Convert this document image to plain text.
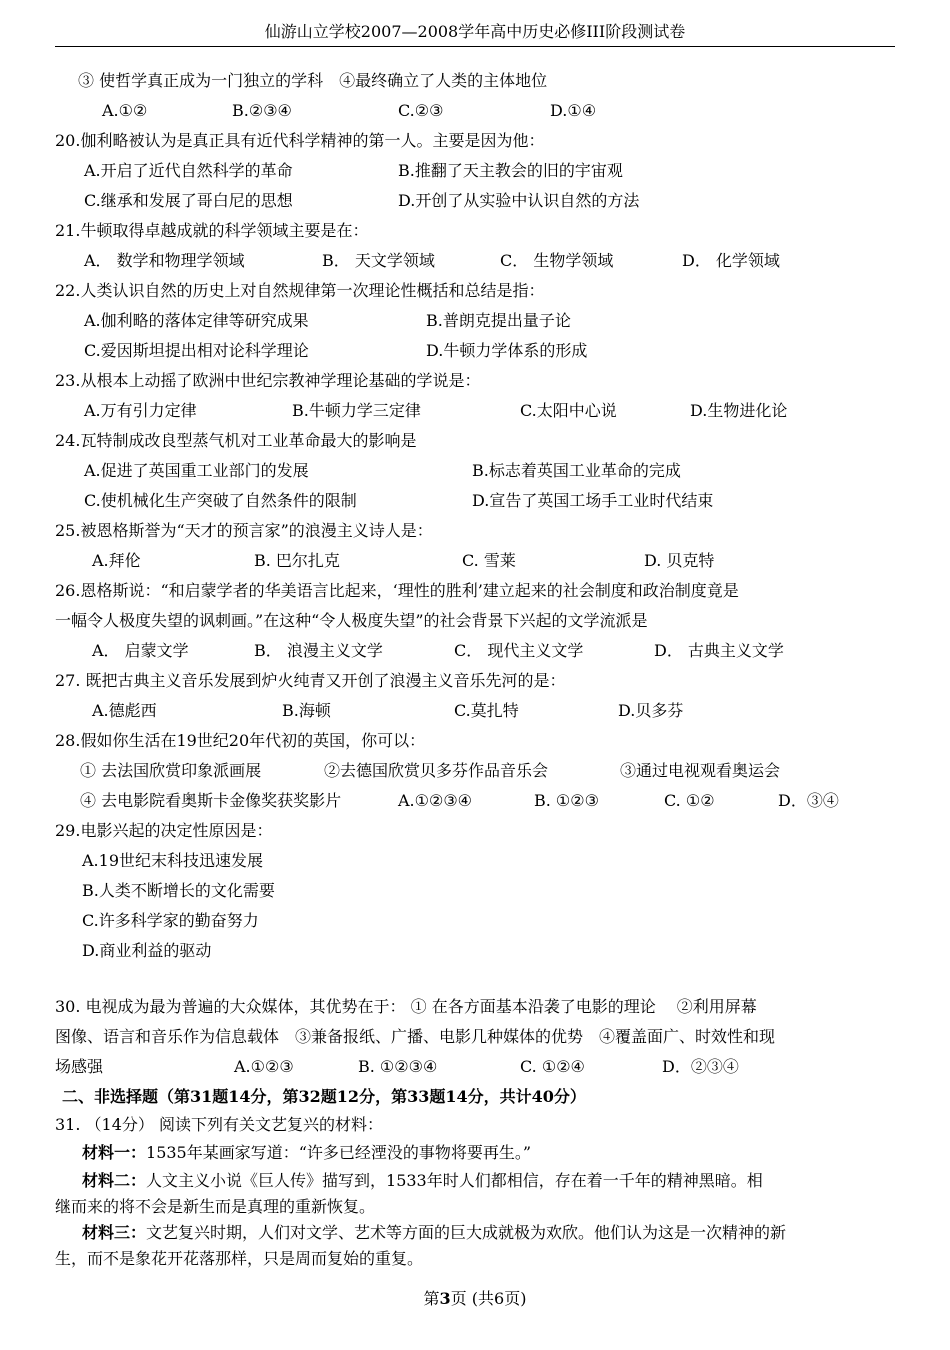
仙游山立学校2007—2008学年高中历史必修III阶段测试卷
③ 使哲学真正成为一门独立的学科　④最终确立了人类的主体地位
A.①②	B.②③④	C.②③	D.①④
20.伽利略被认为是真正具有近代科学精神的第一人。主要是因为他：
A.开启了近代自然科学的革命	B.推翻了天主教会的旧的宇宙观
C.继承和发展了哥白尼的思想	D.开创了从实验中认识自然的方法
21.牛顿取得卓越成就的科学领域主要是在：
A． 数学和物理学领域	B． 天文学领域	C． 生物学领域	D． 化学领域
22.人类认识自然的历史上对自然规律第一次理论性概括和总结是指：
A.伽利略的落体定律等研究成果	B.普朗克提出量子论
C.爱因斯坦提出相对论科学理论	D.牛顿力学体系的形成
23.从根本上动摇了欧洲中世纪宗教神学理论基础的学说是：
A.万有引力定律	B.牛顿力学三定律	C.太阳中心说	D.生物进化论
24.瓦特制成改良型蒸气机对工业革命最大的影响是
A.促进了英国重工业部门的发展	B.标志着英国工业革命的完成
C.使机械化生产突破了自然条件的限制	D.宣告了英国工场手工业时代结束
25.被恩格斯誉为“天才的预言家”的浪漫主义诗人是：
A.拜伦	B. 巴尔扎克	C. 雪莱	D. 贝克特
26.恩格斯说：“和启蒙学者的华美语言比起来，‘理性的胜利’建立起来的社会制度和政治制度竟是
一幅令人极度失望的讽刺画。”在这种“令人极度失望”的社会背景下兴起的文学流派是
A． 启蒙文学	B． 浪漫主义文学	C． 现代主义文学	D． 古典主义文学
27. 既把古典主义音乐发展到炉火纯青又开创了浪漫主义音乐先河的是：
A.德彪西	B.海顿	C.莫扎特	D.贝多芬
28.假如你生活在19世纪20年代初的英国，你可以：
① 去法国欣赏印象派画展	②去德国欣赏贝多芬作品音乐会	③通过电视观看奥运会
④ 去电影院看奥斯卡金像奖获奖影片	A.①②③④	B. ①②③	C. ①②	D．③④
29.电影兴起的决定性原因是：
A.19世纪末科技迅速发展
B.人类不断增长的文化需要
C.许多科学家的勤奋努力
D.商业利益的驱动
30. 电视成为最为普遍的大众媒体，其优势在于： ① 在各方面基本沿袭了电影的理论　 ②利用屏幕
图像、语言和音乐作为信息载体　③兼备报纸、广播、电影几种媒体的优势　④覆盖面广、时效性和现
场感强	A.①②③	B. ①②③④	C. ①②④	D．②③④
二、非选择题（第31题14分，第32题12分，第33题14分，共计40分）
31. （14分） 阅读下列有关文艺复兴的材料：
材料一：1535年某画家写道：“许多已经湮没的事物将要再生。”
材料二：人文主义小说《巨人传》描写到，1533年时人们都相信，存在着一千年的精神黑暗。相
继而来的将不会是新生而是真理的重新恢复。
材料三：文艺复兴时期，人们对文学、艺术等方面的巨大成就极为欢欣。他们认为这是一次精神的新
生，而不是象花开花落那样，只是周而复始的重复。
第3页 (共6页)
